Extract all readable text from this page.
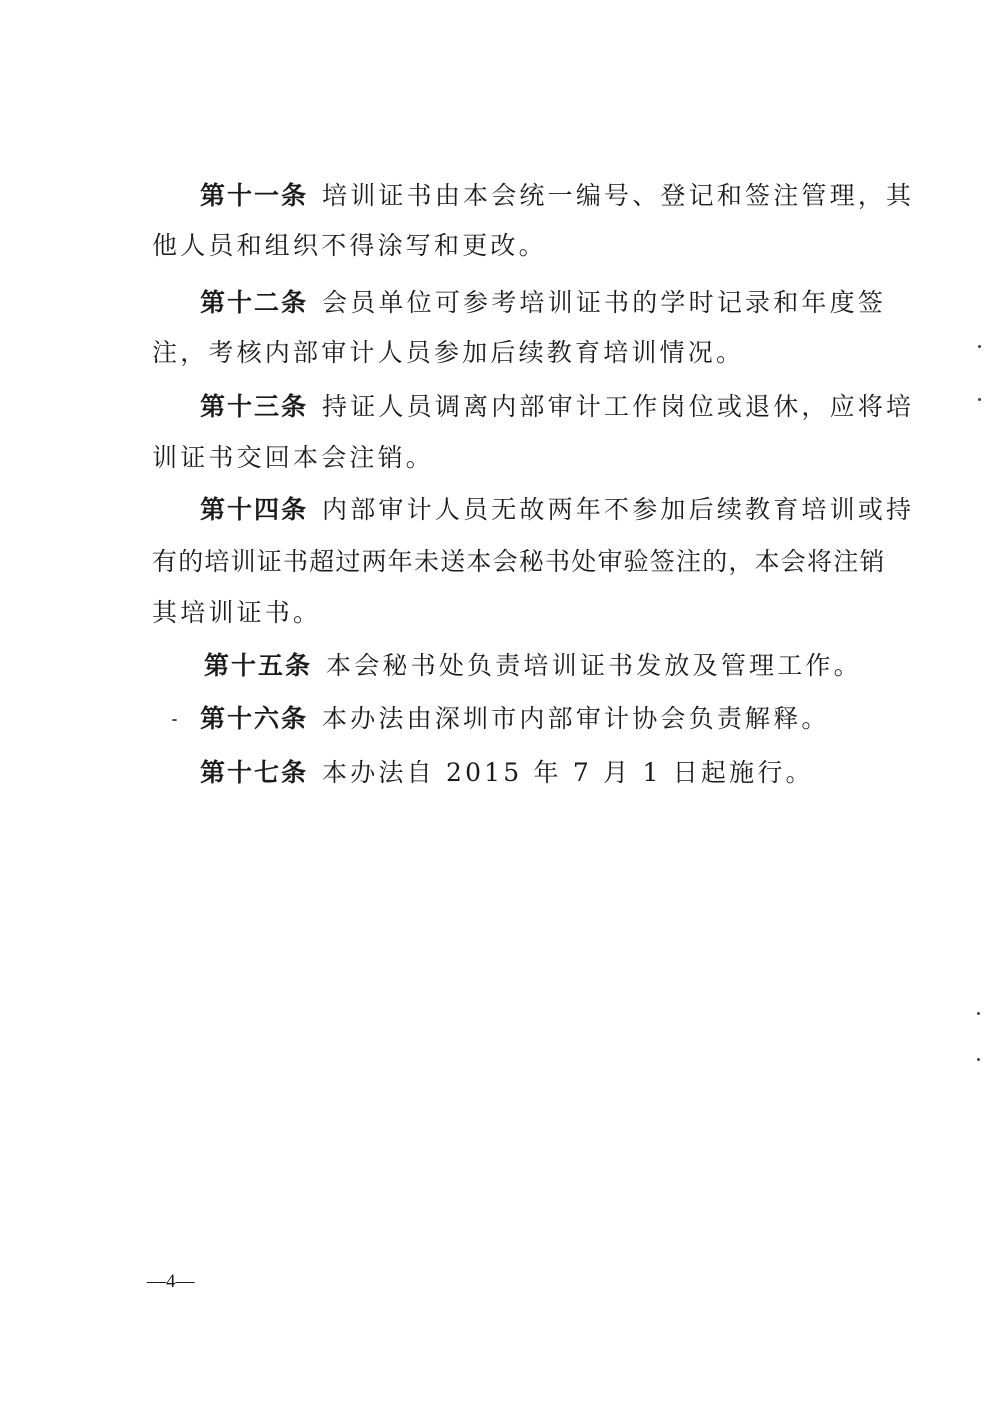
第十一条 培训证书由本会统一编号、登记和签注管理，其
他人员和组织不得涂写和更改。
第十二条 会员单位可参考培训证书的学时记录和年度签
注，考核内部审计人员参加后续教育培训情况。
第十三条 持证人员调离内部审计工作岗位或退休，应将培
训证书交回本会注销。
第十四条 内部审计人员无故两年不参加后续教育培训或持
有的培训证书超过两年未送本会秘书处审验签注的，本会将注销
其培训证书。
第十五条 本会秘书处负责培训证书发放及管理工作。
第十六条 本办法由深圳市内部审计协会负责解释。
第十七条 本办法自 2015 年 7 月 1 日起施行。
—4—
